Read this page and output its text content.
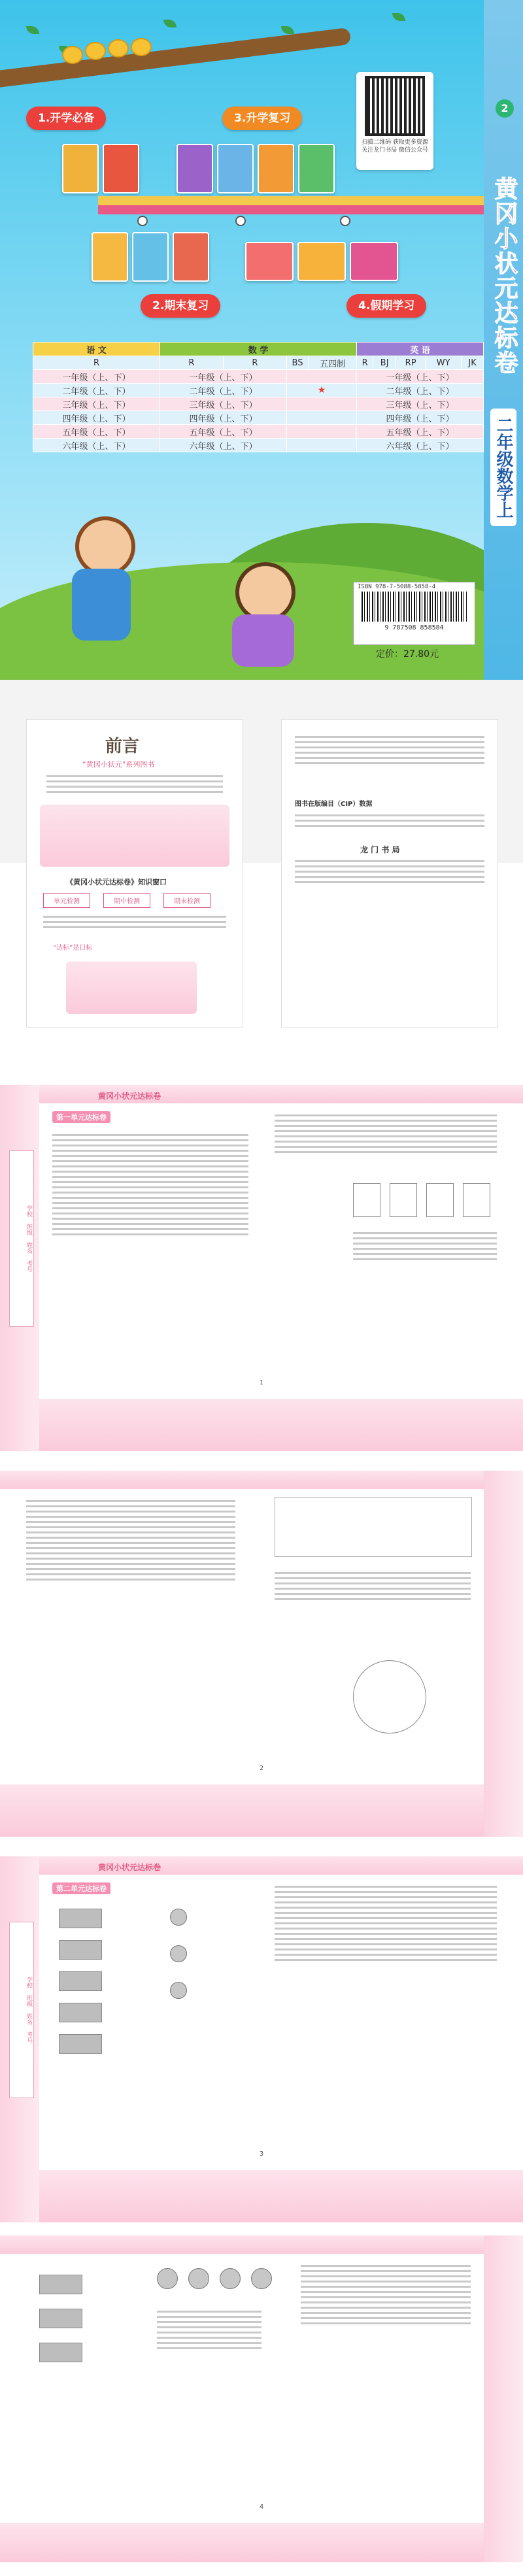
1.开学必备	3.升学复习
扫描二维码 获取更多资源
关注龙门书局 微信公众号
2.期末复习	4.假期学习
语 文	数 学				英 语				
R	R	R	BS	五四制	R	BJ	RP	WY	JK
一年级（上、下）	一年级（上、下）				一年级（上、下）				
二年级（上、下）	二年级（上、下）		★		二年级（上、下）				
三年级（上、下）	三年级（上、下）				三年级（上、下）				
四年级（上、下）	四年级（上、下）				四年级（上、下）				
五年级（上、下）	五年级（上、下）				五年级（上、下）				
六年级（上、下）	六年级（上、下）				六年级（上、下）				
ISBN 978-7-5088-5858-4
9 787508 858584
定价：27.80元
2
黄冈小状元达标卷
二年级数学上
前言
“黄冈小状元”系列图书
《黄冈小状元达标卷》知识窗口
单元检测	期中检测	期末检测
“达标”是目标
图书在版编目（CIP）数据
龙 门 书 局
黄冈小状元达标卷
学校 班级 姓名 考号
第一单元达标卷
1
2
黄冈小状元达标卷
学校 班级 姓名 考号
第二单元达标卷
3
4
